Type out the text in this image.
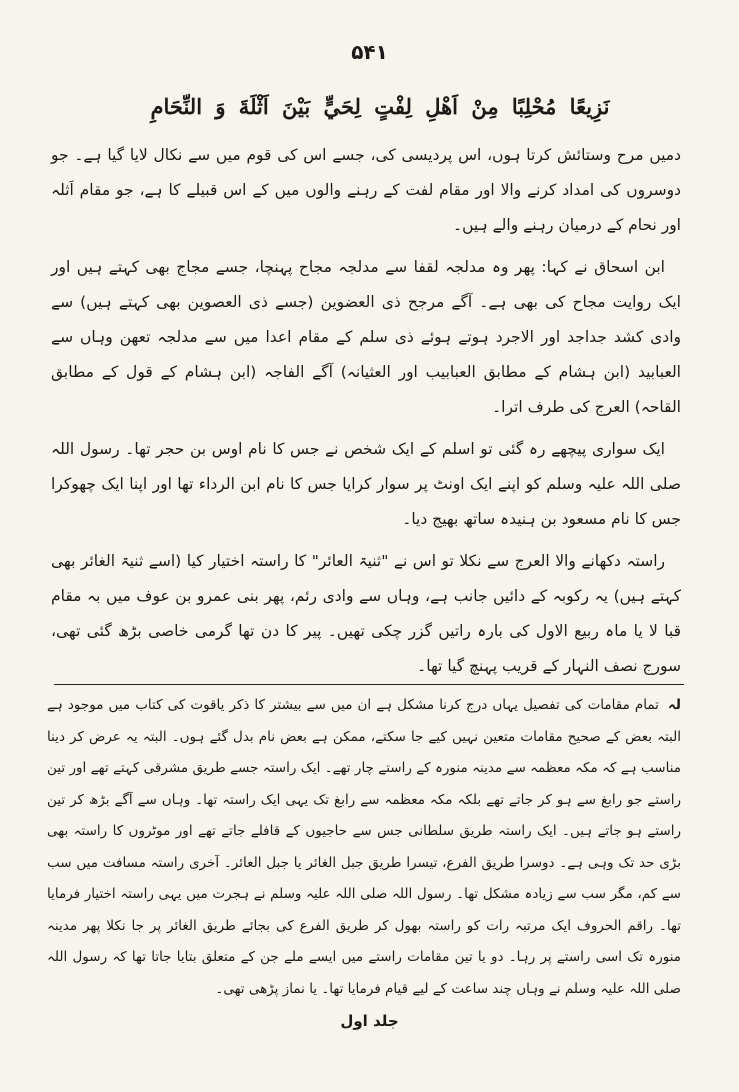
۵۴۱
نَزِيعًا مُحْلِبًا مِنْ اَهْلِ لِفْتٍ لِحَيٍّ بَيْنَ اَثْلَةَ وَ النِّحَامِ

دمیں مرح وستائش کرتا ہوں، اس پردیسی کی، جسے اس کی قوم میں سے نکال لایا گیا ہے۔ جو دوسروں کی امداد کرنے والا اور مقام لفت کے رہنے والوں میں کے اس قبیلے کا ہے، جو مقام اَثلہ اور نحام کے درمیان رہنے والے ہیں۔

ابن اسحاق نے کہا: پھر وہ مدلجہ لقفا سے مدلجہ مجاح پہنچا، جسے مجاج بھی کہتے ہیں اور ایک روایت مجاح کی بھی ہے۔ آگے مرجح ذی العضوین (جسے ذی العصوین بھی کہتے ہیں) سے وادی کشد جداجد اور الاجرد ہوتے ہوئے ذی سلم کے مقام اعدا میں سے مدلجہ تعهن وہاں سے العبابید (ابن ہشام کے مطابق العبابیب اور العثیانہ) آگے الفاجہ (ابن ہشام کے قول کے مطابق القاحہ) العرج کی طرف اترا۔

ایک سواری پیچھے رہ گئی تو اسلم کے ایک شخص نے جس کا نام اوس بن حجر تھا۔ رسول اللہ صلی اللہ علیہ وسلم کو اپنے ایک اونٹ پر سوار کرایا جس کا نام ابن الرداء تھا اور اپنا ایک چھوکرا جس کا نام مسعود بن ہنیدہ ساتھ بھیج دیا۔

راستہ دکھانے والا العرج سے نکلا تو اس نے "ثنیۃ العائر" کا راستہ اختیار کیا (اسے ثنیۃ الغائر بھی کہتے ہیں) یہ رکوبہ کے دائیں جانب ہے، وہاں سے وادی رئم، پھر بنی عمرو بن عوف میں بہ مقام قبا لا یا ماہ ربیع الاول کی بارہ راتیں گزر چکی تھیں۔ پیر کا دن تھا گرمی خاصی بڑھ گئی تھی، سورج نصف النہار کے قریب پہنچ گیا تھا۔

لہ تمام مقامات کی تفصیل یہاں درج کرنا مشکل ہے ان میں سے بیشتر کا ذکر یاقوت کی کتاب میں موجود ہے البتہ بعض کے صحیح مقامات متعین نہیں کیے جا سکتے، ممکن ہے بعض نام بدل گئے ہوں۔ البتہ یہ عرض کر دینا مناسب ہے کہ مکہ معظمہ سے مدینہ منورہ کے راستے چار تھے۔ ایک راستہ جسے طریق مشرقی کہتے تھے اور تین راستے جو رابغ سے ہو کر جاتے تھے بلکہ مکہ معظمہ سے رابغ تک یہی ایک راستہ تھا۔ وہاں سے آگے بڑھ کر تین راستے ہو جاتے ہیں۔ ایک راستہ طریق سلطانی جس سے حاجیوں کے قافلے جاتے تھے اور موٹروں کا راستہ بھی بڑی حد تک وہی ہے۔ دوسرا طریق الفرع، تیسرا طریق جبل الغائر یا جبل العائر۔ آخری راستہ مسافت میں سب سے کم، مگر سب سے زیادہ مشکل تھا۔ رسول اللہ صلی اللہ علیہ وسلم نے ہجرت میں یہی راستہ اختیار فرمایا تھا۔ راقم الحروف ایک مرتبہ رات کو راستہ بھول کر طریق الفرع کی بجائے طریق الغائر پر جا نکلا پھر مدینہ منورہ تک اسی راستے پر رہا۔ دو یا تین مقامات راستے میں ایسے ملے جن کے متعلق بتایا جاتا تھا کہ رسول اللہ صلی اللہ علیہ وسلم نے وہاں چند ساعت کے لیے قیام فرمایا تھا۔ یا نماز پڑھی تھی۔

جلد اول
